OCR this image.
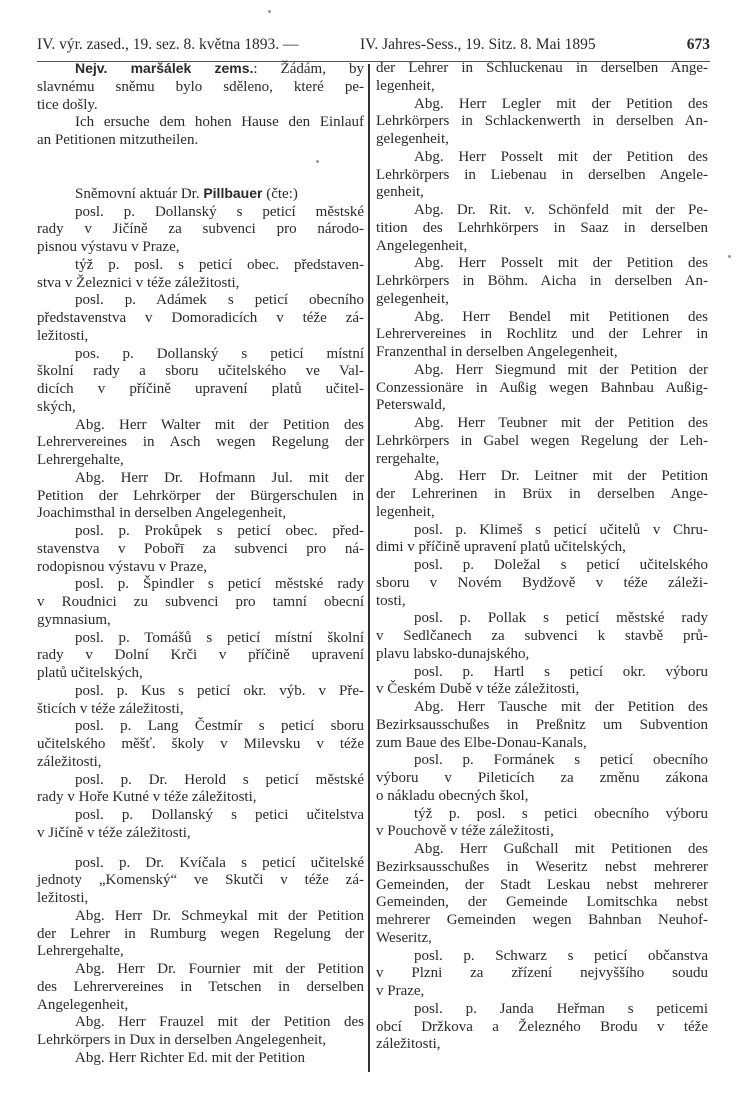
IV. výr. zased., 19. sez. 8. května 1893. —	IV. Jahres-Sess., 19. Sitz. 8. Mai 1895	673
Nejv. maršálek zems.: Žádám, by
slavnému sněmu bylo sděleno, které pe-
tice došly.
Ich ersuche dem hohen Hause den Einlauf
an Petitionen mitzutheilen.
Sněmovní aktuár Dr. Pillbauer (čte:)
posl. p. Dollanský s peticí městské
rady v Jičíně za subvenci pro národo-
pisnou výstavu v Praze,
týž p. posl. s peticí obec. představen-
stva v Železnici v téže záležitosti,
posl. p. Adámek s peticí obecního
představenstva v Domoradicích v téže zá-
ležitosti,
pos. p. Dollanský s peticí místní
školní rady a sboru učitelského ve Val-
dicích v příčině upravení platů učitel-
ských,
Abg. Herr Walter mit der Petition des
Lehrervereines in Asch wegen Regelung der
Lehrergehalte,
Abg. Herr Dr. Hofmann Jul. mit der
Petition der Lehrkörper der Bürgerschulen in
Joachimsthal in derselben Angelegenheit,
posl. p. Prokůpek s peticí obec. před-
stavenstva v Pobořī za subvenci pro ná-
rodopisnou výstavu v Praze,
posl. p. Špindler s peticí městské rady
v Roudnici zu subvenci pro tamní obecní
gymnasium,
posl. p. Tomášů s peticí místní školní
rady v Dolní Krči v příčině upravení
platů učitelských,
posl. p. Kus s peticí okr. výb. v Pře-
šticích v téže záležitosti,
posl. p. Lang Čestmír s peticí sboru
učitelského měšť. školy v Milevsku v téže
záležitosti,
posl. p. Dr. Herold s peticí městské
rady v Hoře Kutné v téže záležitosti,
posl. p. Dollanský s petici učitelstva
v Jičíně v téže záležitosti,
posl. p. Dr. Kvíčala s peticí učitelské
jednoty „Komenský“ ve Skutči v téže zá-
ležitosti,
Abg. Herr Dr. Schmeykal mit der Petition
der Lehrer in Rumburg wegen Regelung der
Lehrergehalte,
Abg. Herr Dr. Fournier mit der Petition
des Lehrervereines in Tetschen in derselben
Angelegenheit,
Abg. Herr Frauzel mit der Petition des
Lehrkörpers in Dux in derselben Angelegenheit,
Abg. Herr Richter Ed. mit der Petition
der Lehrer in Schluckenau in derselben Ange-
legenheit,
Abg. Herr Legler mit der Petition des
Lehrkörpers in Schlackenwerth in derselben An-
gelegenheit,
Abg. Herr Posselt mit der Petition des
Lehrkörpers in Liebenau in derselben Angele-
genheit,
Abg. Dr. Rit. v. Schönfeld mit der Pe-
tition des Lehrhkörpers in Saaz in derselben
Angelegenheit,
Abg. Herr Posselt mit der Petition des
Lehrkörpers in Böhm. Aicha in derselben An-
gelegenheit,
Abg. Herr Bendel mit Petitionen des
Lehrervereines in Rochlitz und der Lehrer in
Franzenthal in derselben Angelegenheit,
Abg. Herr Siegmund mit der Petition der
Conzessionäre in Außig wegen Bahnbau Außig-
Peterswald,
Abg. Herr Teubner mit der Petition des
Lehrkörpers in Gabel wegen Regelung der Leh-
rergehalte,
Abg. Herr Dr. Leitner mit der Petition
der Lehrerinen in Brüx in derselben Ange-
legenheit,
posl. p. Klimeš s peticí učitelů v Chru-
dimi v příčině upravení platů učitelských,
posl. p. Doležal s peticí učitelského
sboru v Novém Bydžově v téže záleži-
tosti,
posl. p. Pollak s peticí městské rady
v Sedlčanech za subvenci k stavbě prů-
plavu labsko-dunajského,
posl. p. Hartl s peticí okr. výboru
v Českém Dubě v téže záležitosti,
Abg. Herr Tausche mit der Petition des
Bezirksausschußes in Preßnitz um Subvention
zum Baue des Elbe-Donau-Kanals,
posl. p. Formánek s peticí obecního
výboru v Pileticích za změnu zákona
o nákladu obecných škol,
týž p. posl. s petici obecního výboru
v Pouchově v téže záležitosti,
Abg. Herr Gußchall mit Petitionen des
Bezirksausschußes in Weseritz nebst mehrerer
Gemeinden, der Stadt Leskau nebst mehrerer
Gemeinden, der Gemeinde Lomitschka nebst
mehrerer Gemeinden wegen Bahnban Neuhof-
Weseritz,
posl. p. Schwarz s peticí občanstva
v Plzni za zřízení nejvyššího soudu
v Praze,
posl. p. Janda Heřman s peticemi
obcí Držkova a Železného Brodu v téže
záležitosti,
